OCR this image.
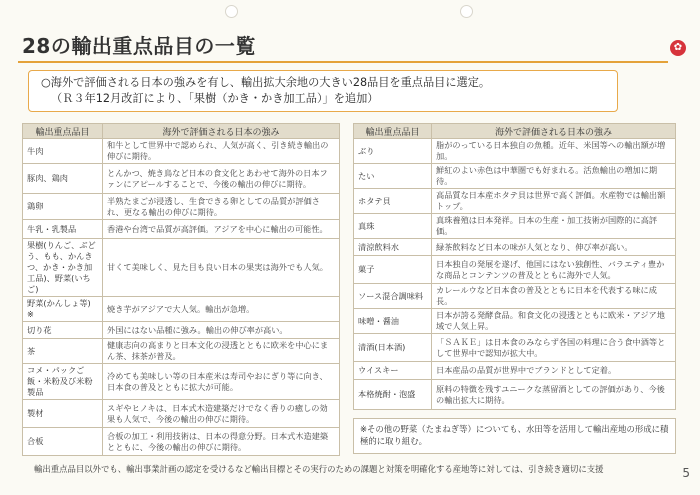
✿
28の輸出重点品目の一覧
○海外で評価される日本の強みを有し、輸出拡大余地の大きい28品目を重点品目に選定。
（Ｒ３年12月改訂により、「果樹（かき・かき加工品）」を追加）
輸出重点品目	海外で評価される日本の強み
牛肉	和牛として世界中で認められ、人気が高く、引き続き輸出の伸びに期待。
豚肉、鶏肉	とんかつ、焼き鳥など日本の食文化とあわせて海外の日本ファンにアピールすることで、今後の輸出の伸びに期待。
鶏卵	半熟たまごが浸透し、生食できる卵としての品質が評価され、更なる輸出の伸びに期待。
牛乳・乳製品	香港や台湾で品質が高評価。アジアを中心に輸出の可能性。
果樹(りんご、ぶどう、もも、かんきつ、かき・かき加工品)、野菜(いちご)	甘くて美味しく、見た目も良い日本の果実は海外でも人気。
野菜(かんしょ等) ※	焼き芋がアジアで大人気。輸出が急増。
切り花	外国にはない品種に強み。輸出の伸び率が高い。
茶	健康志向の高まりと日本文化の浸透とともに欧米を中心にまん茶、抹茶が普及。
コメ・パックご飯・米粉及び米粉製品	冷めても美味しい等の日本産米は寿司やおにぎり等に向き、日本食の普及とともに拡大が可能。
製材	スギやヒノキは、日本式木造建築だけでなく香りの癒しの効果も人気で、今後の輸出の伸びに期待。
合板	合板の加工・利用技術は、日本の得意分野。日本式木造建築とともに、今後の輸出の伸びに期待。
輸出重点品目	海外で評価される日本の強み
ぶり	脂がのっている日本独自の魚種。近年、米国等への輸出額が増加。
たい	鮮紅のよい赤色は中華圏でも好まれる。活魚輸出の増加に期待。
ホタテ貝	高品質な日本産ホタテ貝は世界で高く評価。水産物では輸出額トップ。
真珠	真珠養殖は日本発祥。日本の生産・加工技術が国際的に高評価。
清涼飲料水	緑茶飲料など日本の味が人気となり、伸び率が高い。
菓子	日本独自の発展を遂げ、他国にはない独創性、バラエティ豊かな商品とコンテンツの普及とともに海外で人気。
ソース混合調味料	カレールウなど日本食の普及とともに日本を代表する味に成長。
味噌・醤油	日本が誇る発酵食品。和食文化の浸透とともに欧米・アジア地域で人気上昇。
清酒(日本酒)	「ＳＡＫＥ」は日本食のみならず各国の料理に合う食中酒等として世界中で認知が拡大中。
ウイスキー	日本産品の品質が世界中でブランドとして定着。
本格焼酎・泡盛	原料の特徴を残すユニークな蒸留酒としての評価があり、今後の輸出拡大に期待。
※その他の野菜（たまねぎ等）についても、水田等を活用して輸出産地の形成に積極的に取り組む。
輸出重点品目以外でも、輸出事業計画の認定を受けるなど輸出目標とその実行のための課題と対策を明確化する産地等に対しては、引き続き適切に支援	5
